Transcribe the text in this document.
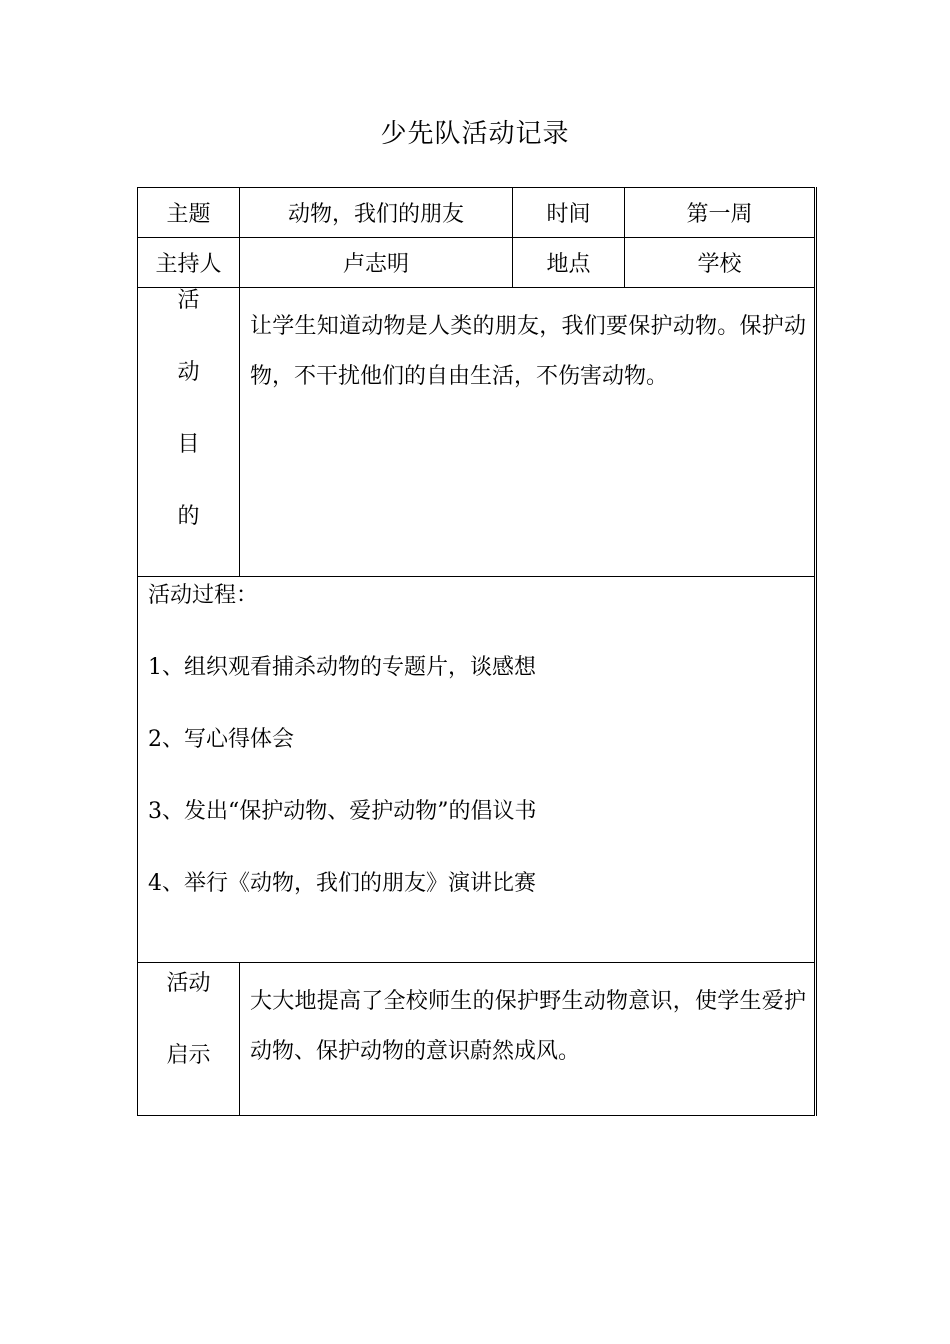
少先队活动记录
主题	动物，我们的朋友	时间	第一周
主持人	卢志明	地点	学校

活
动
目
的	让学生知道动物是人类的朋友，我们要保护动物。保护动物，不干扰他们的自由生活，不伤害动物。		

活动过程：
1、组织观看捕杀动物的专题片，谈感想
2、写心得体会
3、发出“保护动物、爱护动物”的倡议书
4、举行《动物，我们的朋友》演讲比赛			

活动
启示	大大地提高了全校师生的保护野生动物意识，使学生爱护动物、保护动物的意识蔚然成风。		
